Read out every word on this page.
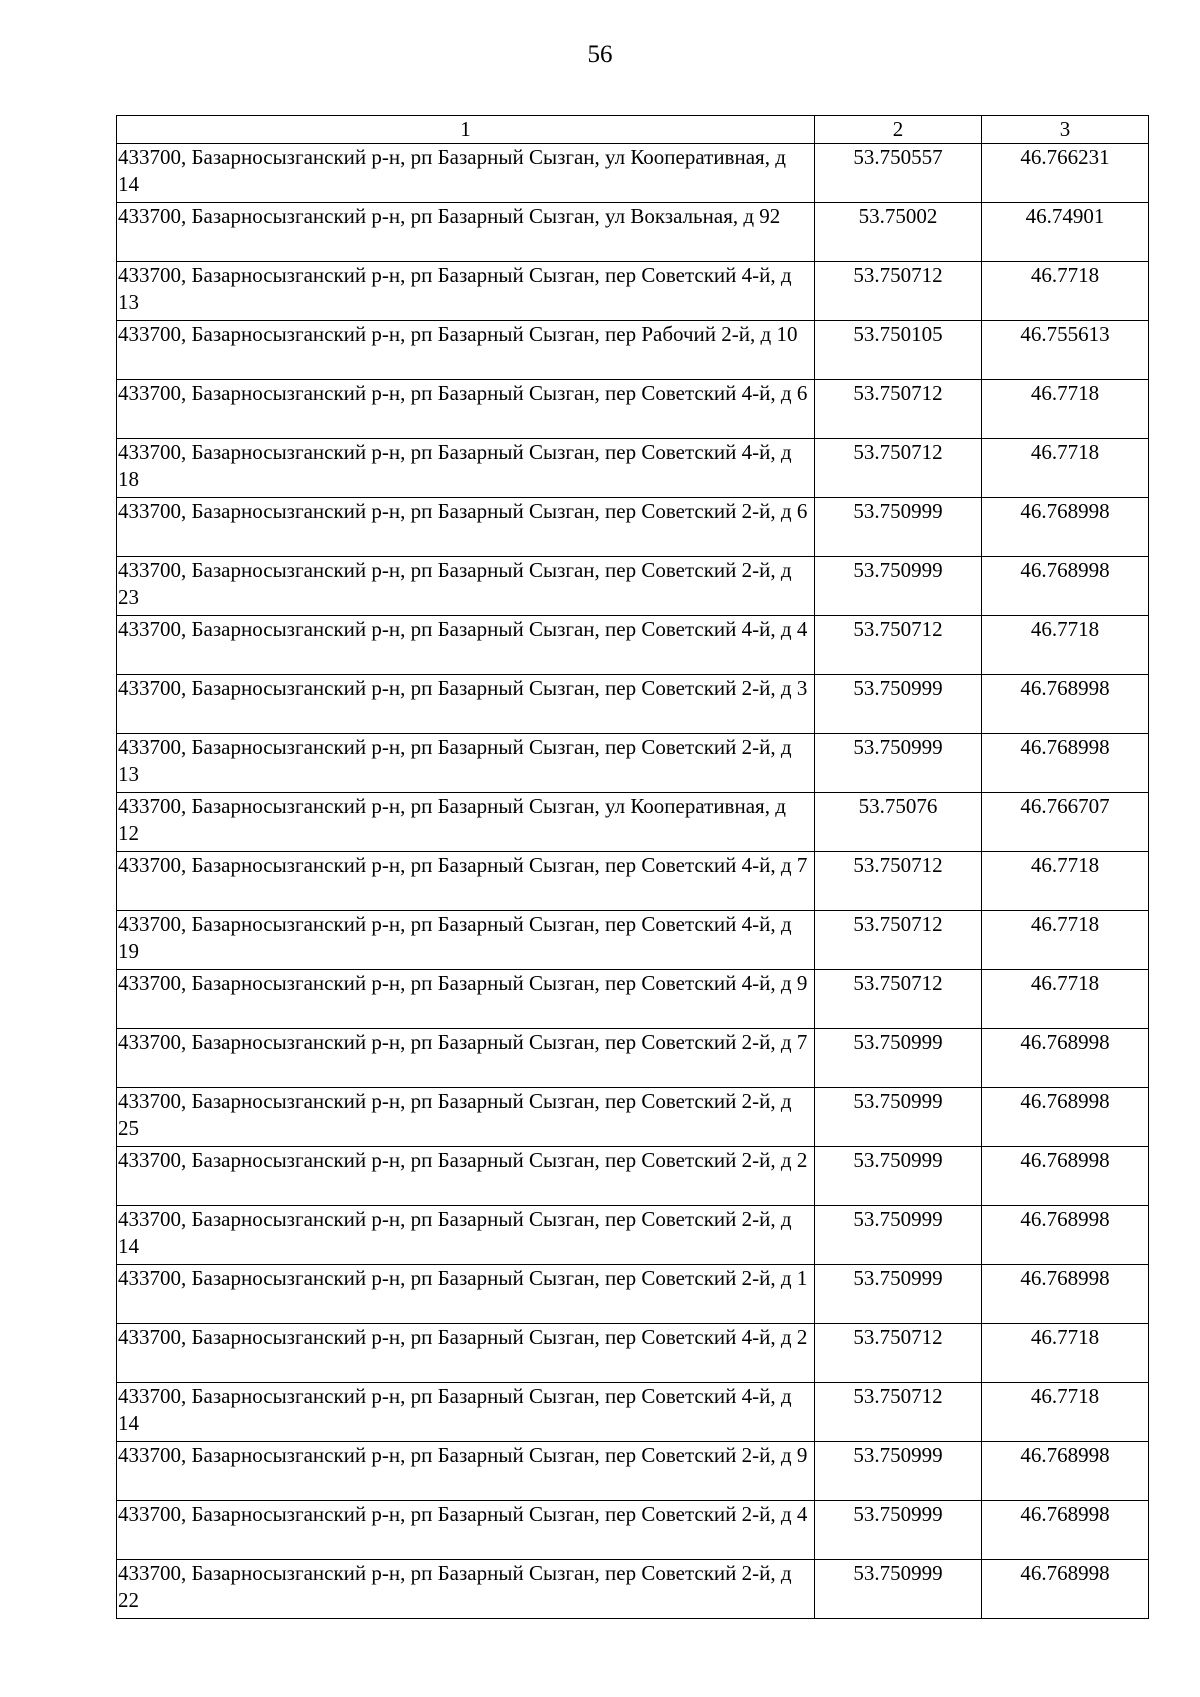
56
1	2	3
433700, Базарносызганский р-н, рп Базарный Сызган, ул Кооперативная, д 14	53.750557	46.766231
433700, Базарносызганский р-н, рп Базарный Сызган, ул Вокзальная, д 92	53.75002	46.74901
433700, Базарносызганский р-н, рп Базарный Сызган, пер Советский 4-й, д 13	53.750712	46.7718
433700, Базарносызганский р-н, рп Базарный Сызган, пер Рабочий 2-й, д 10	53.750105	46.755613
433700, Базарносызганский р-н, рп Базарный Сызган, пер Советский 4-й, д 6	53.750712	46.7718
433700, Базарносызганский р-н, рп Базарный Сызган, пер Советский 4-й, д 18	53.750712	46.7718
433700, Базарносызганский р-н, рп Базарный Сызган, пер Советский 2-й, д 6	53.750999	46.768998
433700, Базарносызганский р-н, рп Базарный Сызган, пер Советский 2-й, д 23	53.750999	46.768998
433700, Базарносызганский р-н, рп Базарный Сызган, пер Советский 4-й, д 4	53.750712	46.7718
433700, Базарносызганский р-н, рп Базарный Сызган, пер Советский 2-й, д 3	53.750999	46.768998
433700, Базарносызганский р-н, рп Базарный Сызган, пер Советский 2-й, д 13	53.750999	46.768998
433700, Базарносызганский р-н, рп Базарный Сызган, ул Кооперативная, д 12	53.75076	46.766707
433700, Базарносызганский р-н, рп Базарный Сызган, пер Советский 4-й, д 7	53.750712	46.7718
433700, Базарносызганский р-н, рп Базарный Сызган, пер Советский 4-й, д 19	53.750712	46.7718
433700, Базарносызганский р-н, рп Базарный Сызган, пер Советский 4-й, д 9	53.750712	46.7718
433700, Базарносызганский р-н, рп Базарный Сызган, пер Советский 2-й, д 7	53.750999	46.768998
433700, Базарносызганский р-н, рп Базарный Сызган, пер Советский 2-й, д 25	53.750999	46.768998
433700, Базарносызганский р-н, рп Базарный Сызган, пер Советский 2-й, д 2	53.750999	46.768998
433700, Базарносызганский р-н, рп Базарный Сызган, пер Советский 2-й, д 14	53.750999	46.768998
433700, Базарносызганский р-н, рп Базарный Сызган, пер Советский 2-й, д 1	53.750999	46.768998
433700, Базарносызганский р-н, рп Базарный Сызган, пер Советский 4-й, д 2	53.750712	46.7718
433700, Базарносызганский р-н, рп Базарный Сызган, пер Советский 4-й, д 14	53.750712	46.7718
433700, Базарносызганский р-н, рп Базарный Сызган, пер Советский 2-й, д 9	53.750999	46.768998
433700, Базарносызганский р-н, рп Базарный Сызган, пер Советский 2-й, д 4	53.750999	46.768998
433700, Базарносызганский р-н, рп Базарный Сызган, пер Советский 2-й, д 22	53.750999	46.768998
